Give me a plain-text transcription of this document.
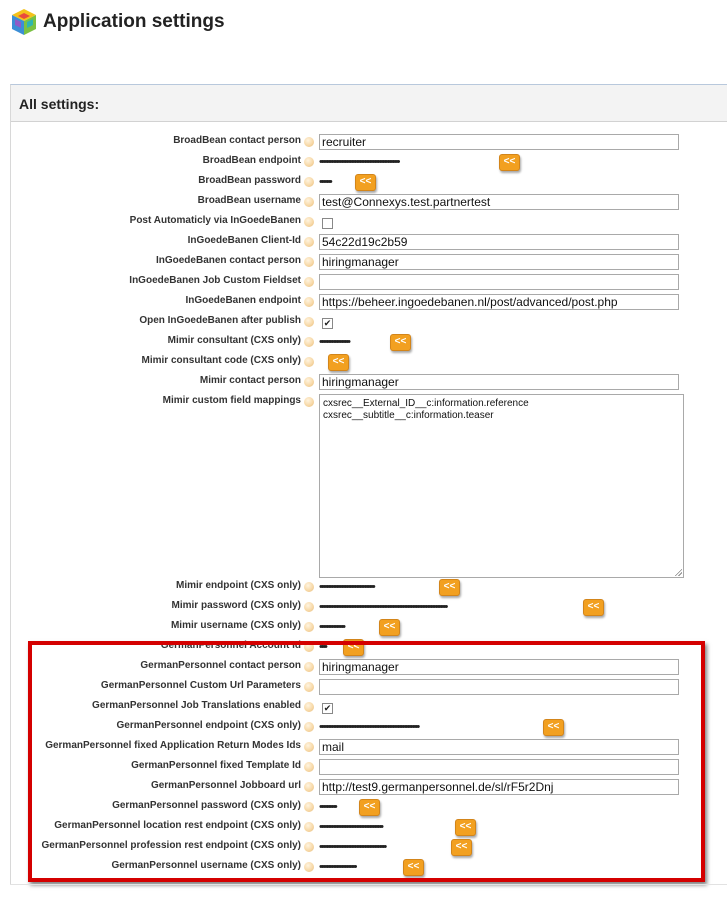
Application settings
All settings:
BroadBean contact person recruiter
BroadBean endpoint ••••••••••••••••••••••••••••••••••••••••••••••••	<<
BroadBean password •••••••	<<
BroadBean username test@Connexys.test.partnertest
Post Automaticly via InGoedeBanen
InGoedeBanen Client-Id 54c22d19c2b59
InGoedeBanen contact person hiringmanager
InGoedeBanen Job Custom Fieldset
InGoedeBanen endpoint https://beheer.ingoedebanen.nl/post/advanced/post.php
Open InGoedeBanen after publish	✔
Mimir consultant (CXS only) ••••••••••••••••••	<<
Mimir consultant code (CXS only)	<<
Mimir contact person hiringmanager
Mimir custom field mappings cxsrec__External_ID__c:information.reference
cxsrec__subtitle__c:information.teaser
Mimir endpoint (CXS only) •••••••••••••••••••••••••••••••••	<<
Mimir password (CXS only) •••••••••••••••••••••••••••••••••••••••••••••••••••••••••••••••••••••••••••••	<<
Mimir username (CXS only) •••••••••••••••	<<
GermanPersonnel Account Id ••••	<<
GermanPersonnel contact person hiringmanager
GermanPersonnel Custom Url Parameters
GermanPersonnel Job Translations enabled	✔
GermanPersonnel endpoint (CXS only) ••••••••••••••••••••••••••••••••••••••••••••••••••••••••••••	<<
GermanPersonnel fixed Application Return Modes Ids mail
GermanPersonnel fixed Template Id
GermanPersonnel Jobboard url http://test9.germanpersonnel.de/sl/rF5r2Dnj
GermanPersonnel password (CXS only) ••••••••••	<<
GermanPersonnel location rest endpoint (CXS only) ••••••••••••••••••••••••••••••••••••••	<<
GermanPersonnel profession rest endpoint (CXS only) ••••••••••••••••••••••••••••••••••••••••	<<
GermanPersonnel username (CXS only) ••••••••••••••••••••••	<<
